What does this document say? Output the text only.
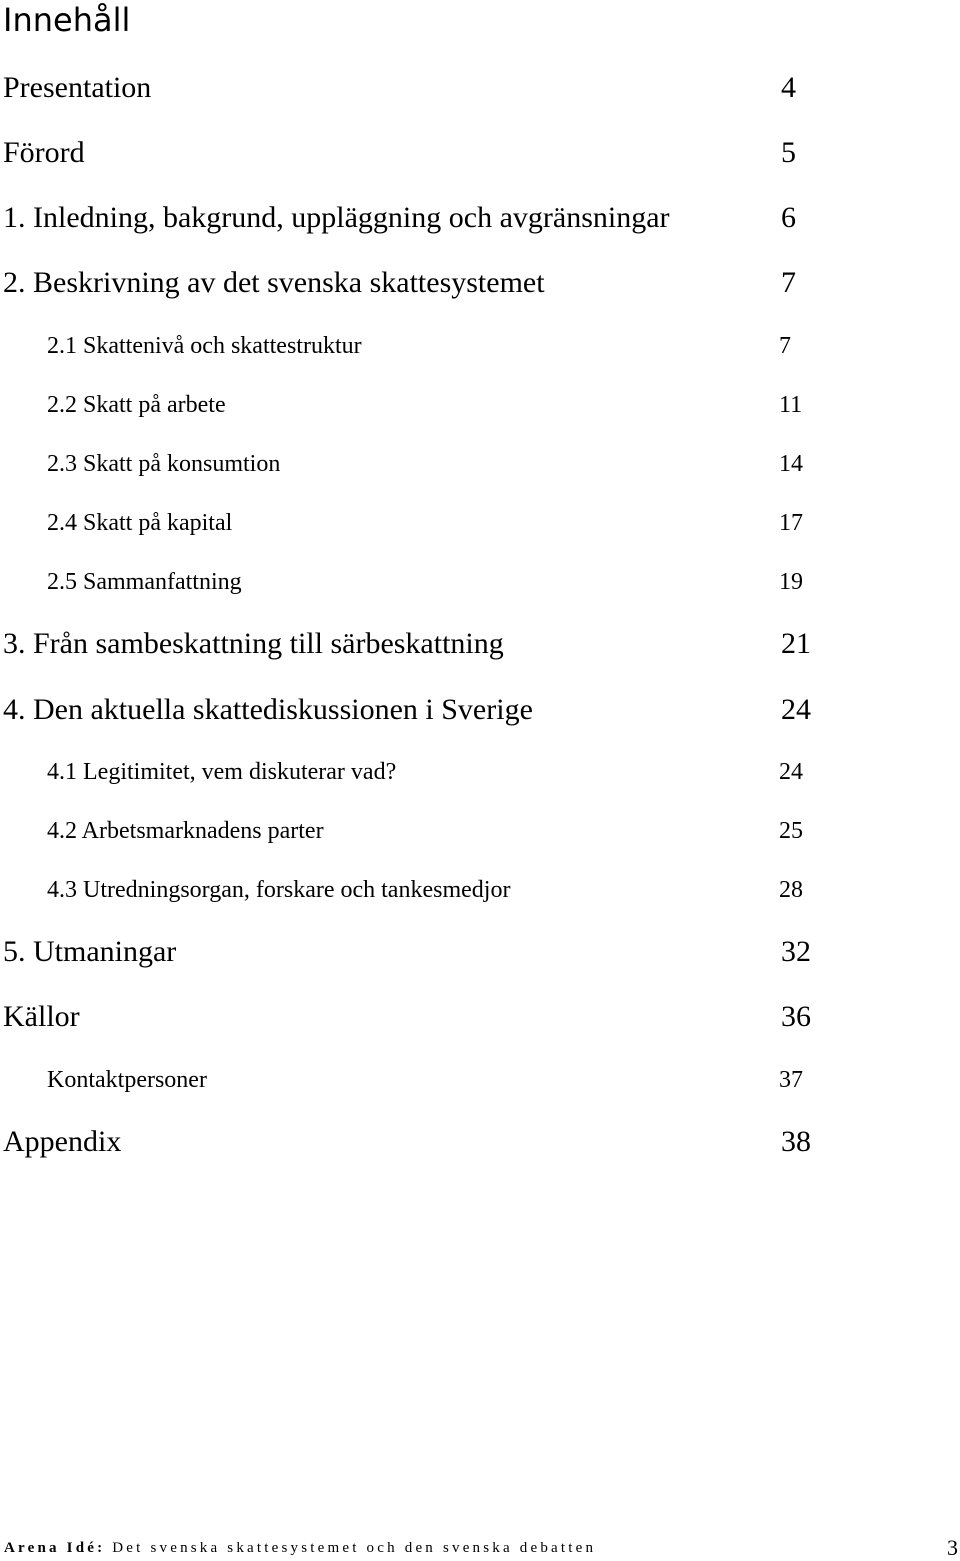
Innehåll
Presentation	4
Förord	5
1. Inledning, bakgrund, uppläggning och avgränsningar	6
2. Beskrivning av det svenska skattesystemet	7
2.1 Skattenivå och skattestruktur	7
2.2 Skatt på arbete	11
2.3 Skatt på konsumtion	14
2.4 Skatt på kapital	17
2.5 Sammanfattning	19
3. Från sambeskattning till särbeskattning	21
4. Den aktuella skattediskussionen i Sverige	24
4.1 Legitimitet, vem diskuterar vad?	24
4.2 Arbetsmarknadens parter	25
4.3 Utredningsorgan, forskare och tankesmedjor	28
5. Utmaningar	32
Källor	36
Kontaktpersoner	37
Appendix	38
Arena Idé: Det svenska skattesystemet och den svenska debatten	3
